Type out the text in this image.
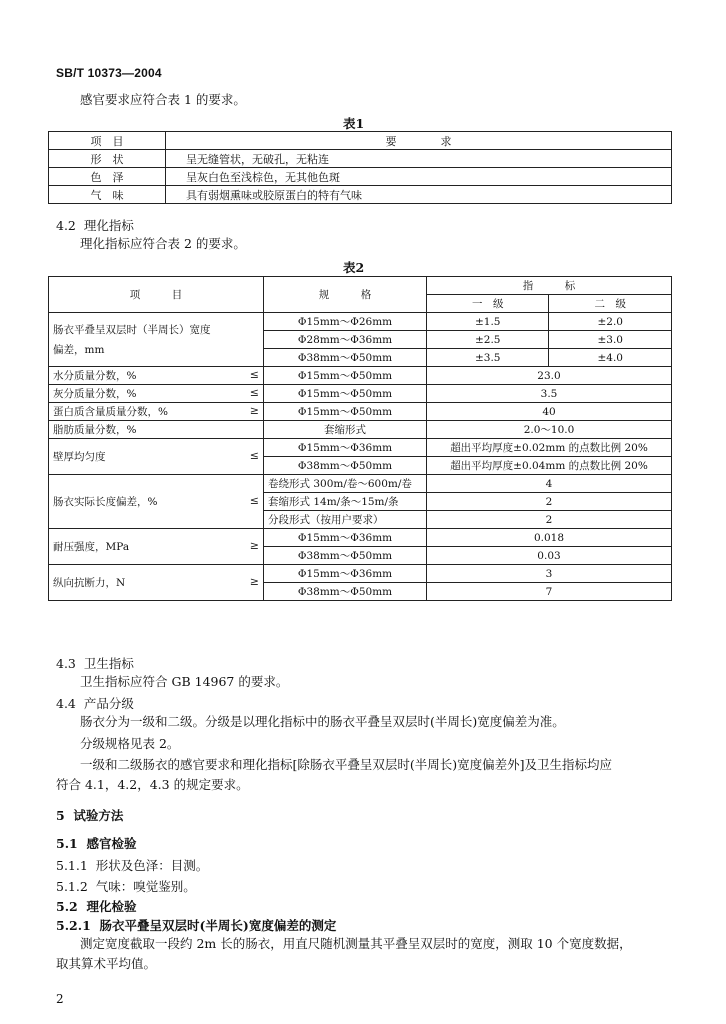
SB/T 10373—2004
感官要求应符合表 1 的要求。
表1
项　目	要　　　　求
形　状	呈无缝管状，无破孔，无粘连
色　泽	呈灰白色至浅棕色，无其他色斑
气　味	具有弱烟熏味或胶原蛋白的特有气味
4.2 理化指标
理化指标应符合表 2 的要求。
表2
项　　　目	规　　　格	指　　　标	
		一　级	二　级

肠衣平叠呈双层时（半周长）宽度
偏差，mm	Φ15mm～Φ26mm	±1.5	±2.0
	Φ28mm～Φ36mm	±2.5	±3.0
	Φ38mm～Φ50mm	±3.5	±4.0
水分质量分数，% ≤	Φ15mm～Φ50mm	23.0	
灰分质量分数，% ≤	Φ15mm～Φ50mm	3.5	
蛋白质含量质量分数，% ≥	Φ15mm～Φ50mm	40	
脂肪质量分数，%	套缩形式	2.0～10.0	
壁厚均匀度 ≤	Φ15mm～Φ36mm	超出平均厚度±0.02mm 的点数比例 20%	
	Φ38mm～Φ50mm	超出平均厚度±0.04mm 的点数比例 20%	
肠衣实际长度偏差，% ≤	卷绕形式 300m/卷～600m/卷	4	
	套缩形式 14m/条～15m/条	2	
	分段形式（按用户要求）	2	
耐压强度，MPa ≥	Φ15mm～Φ36mm	0.018	
	Φ38mm～Φ50mm	0.03	
纵向抗断力，N ≥	Φ15mm～Φ36mm	3	
	Φ38mm～Φ50mm	7	
4.3 卫生指标
卫生指标应符合 GB 14967 的要求。
4.4 产品分级
肠衣分为一级和二级。分级是以理化指标中的肠衣平叠呈双层时(半周长)宽度偏差为准。
分级规格见表 2。
一级和二级肠衣的感官要求和理化指标[除肠衣平叠呈双层时(半周长)宽度偏差外]及卫生指标均应
符合 4.1，4.2，4.3 的规定要求。
5 试验方法
5.1 感官检验
5.1.1 形状及色泽：目测。
5.1.2 气味：嗅觉鉴别。
5.2 理化检验
5.2.1 肠衣平叠呈双层时(半周长)宽度偏差的测定
测定宽度截取一段约 2m 长的肠衣，用直尺随机测量其平叠呈双层时的宽度，测取 10 个宽度数据，
取其算术平均值。
2
